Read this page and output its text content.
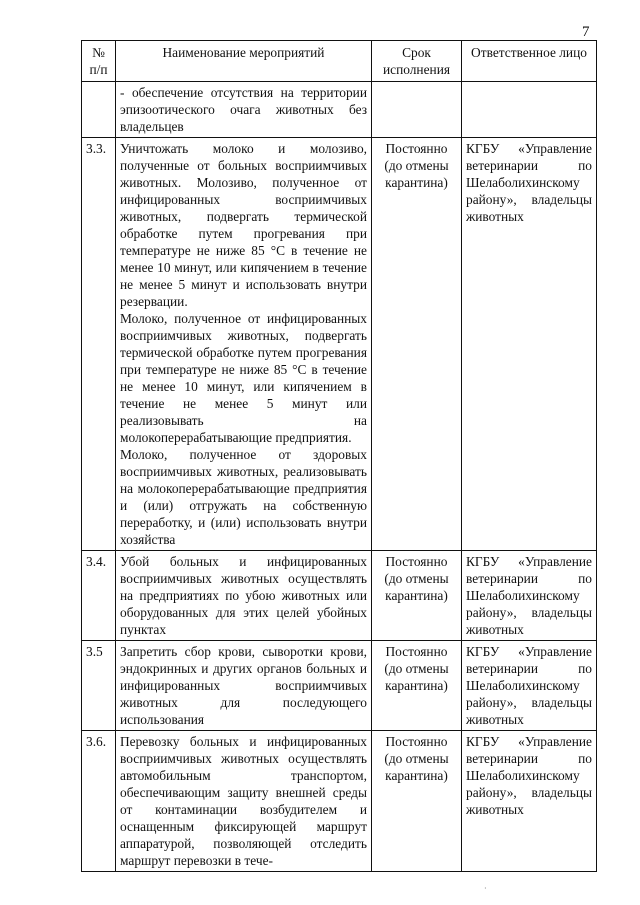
7
№ п/п	Наименование мероприятий	Срок исполнения	Ответственное лицо

	- обеспечение отсутствия на территории эпизоотического очага животных без владельцев		

3.3.	Уничтожать молоко и молозиво, полученные от больных восприимчивых животных. Молозиво, полученное от инфицированных восприимчивых животных, подвергать термической обработке путем прогревания при температуре не ниже 85 °С в течение не менее 10 минут, или кипячением в течение не менее 5 минут и использовать внутри резервации.
Молоко, полученное от инфицированных восприимчивых животных, подвергать термической обработке путем прогревания при температуре не ниже 85 °С в течение не менее 10 минут, или кипячением в течение не менее 5 минут или реализовывать на молокоперерабатывающие предприятия.
Молоко, полученное от здоровых восприимчивых животных, реализовывать на молокоперерабатывающие предприятия и (или) отгружать на собственную переработку, и (или) использовать внутри хозяйства	Постоянно (до отмены карантина)	КГБУ «Управление ветеринарии по Шелаболихинскому району», владельцы животных
3.4.	Убой больных и инфицированных восприимчивых животных осуществлять на предприятиях по убою животных или оборудованных для этих целей убойных пунктах	Постоянно (до отмены карантина)	КГБУ «Управление ветеринарии по Шелаболихинскому району», владельцы животных
3.5	Запретить сбор крови, сыворотки крови, эндокринных и других органов больных и инфицированных восприимчивых животных для последующего использования	Постоянно (до отмены карантина)	КГБУ «Управление ветеринарии по Шелаболихинскому району», владельцы животных
3.6.	Перевозку больных и инфицированных восприимчивых животных осуществлять автомобильным транспортом, обеспечивающим защиту внешней среды от контаминации возбудителем и оснащенным фиксирующей маршрут аппаратурой, позволяющей отследить маршрут перевозки в тече-	Постоянно (до отмены карантина)	КГБУ «Управление ветеринарии по Шелаболихинскому району», владельцы животных
·
